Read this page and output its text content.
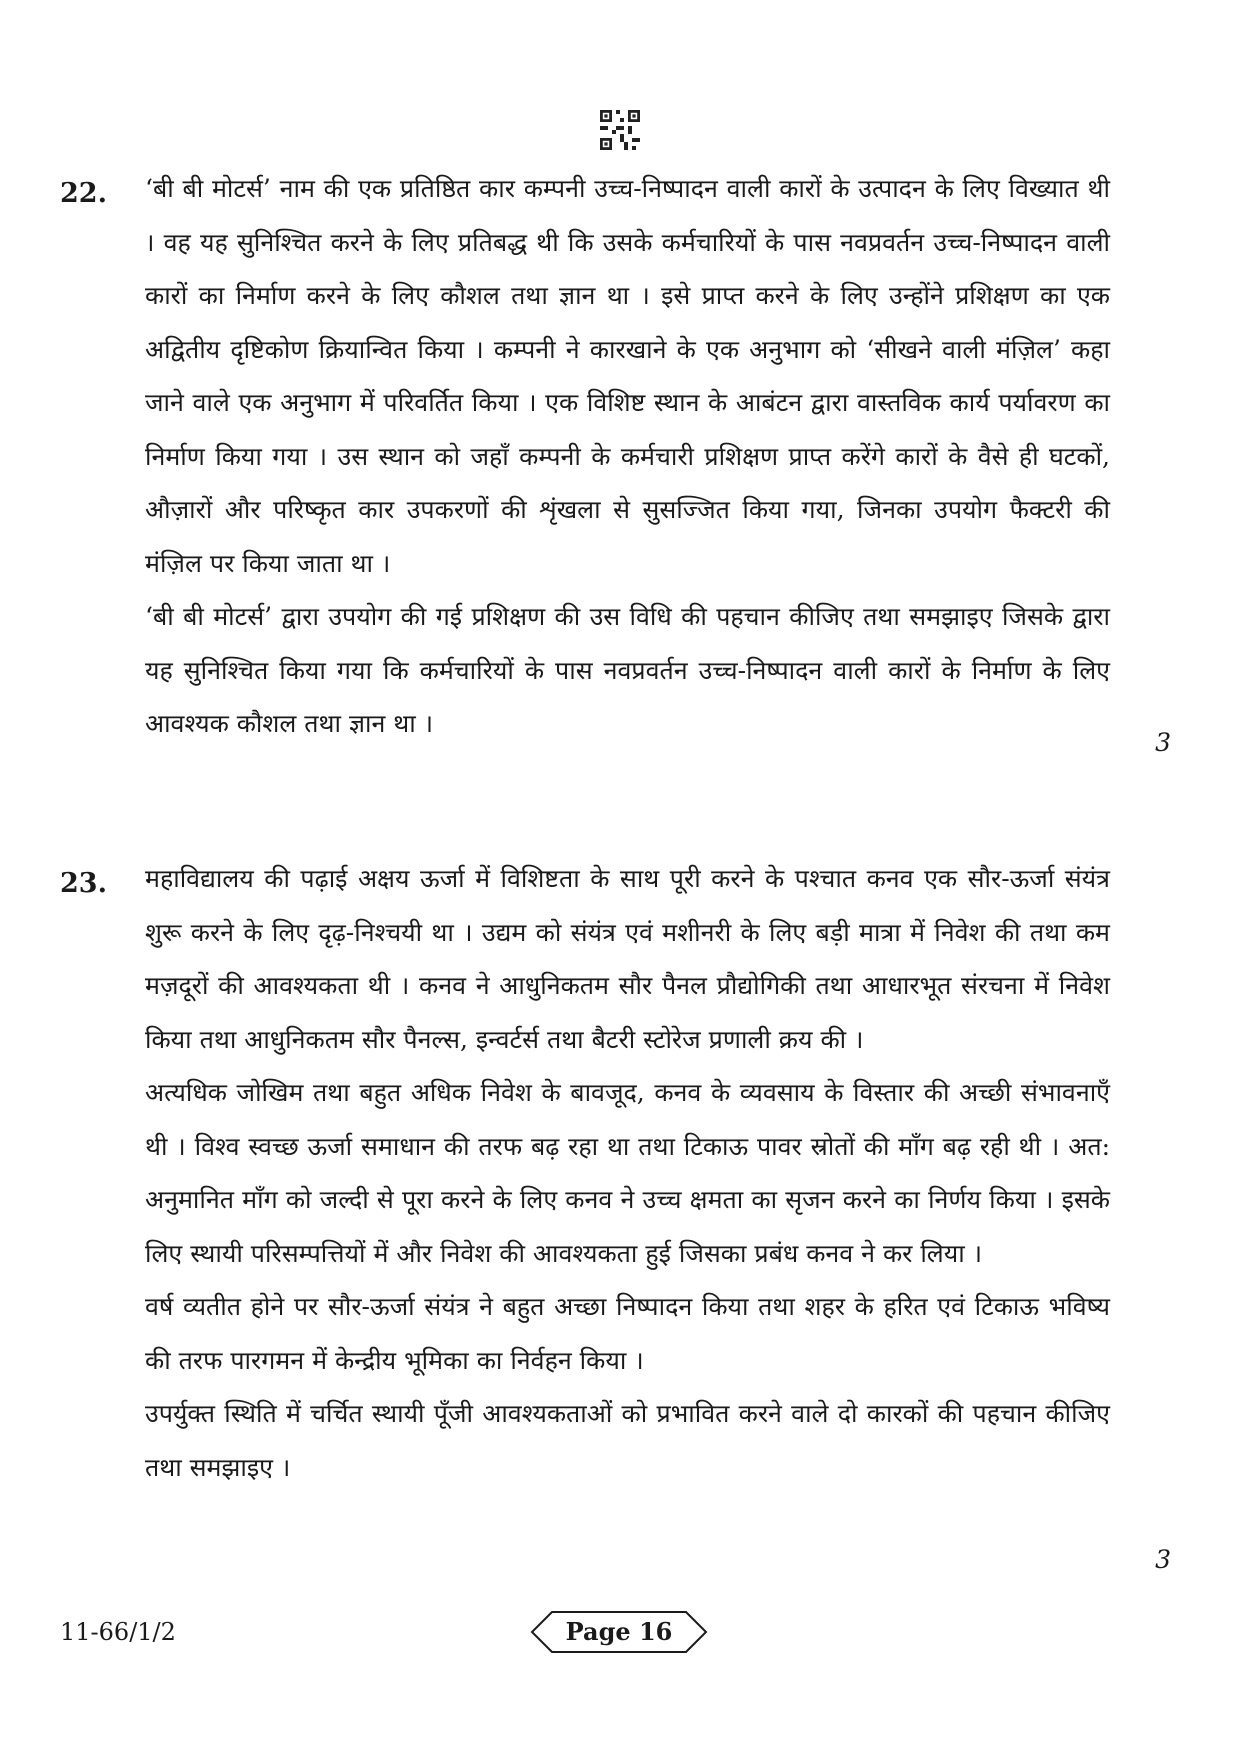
22. ‘बी बी मोटर्स’ नाम की एक प्रतिष्ठित कार कम्पनी उच्च-निष्पादन वाली कारों के उत्पादन के लिए विख्यात थी । वह यह सुनिश्चित करने के लिए प्रतिबद्ध थी कि उसके कर्मचारियों के पास नवप्रवर्तन उच्च-निष्पादन वाली कारों का निर्माण करने के लिए कौशल तथा ज्ञान था । इसे प्राप्त करने के लिए उन्होंने प्रशिक्षण का एक अद्वितीय दृष्टिकोण क्रियान्वित किया । कम्पनी ने कारखाने के एक अनुभाग को ‘सीखने वाली मंज़िल’ कहा जाने वाले एक अनुभाग में परिवर्तित किया । एक विशिष्ट स्थान के आबंटन द्वारा वास्तविक कार्य पर्यावरण का निर्माण किया गया । उस स्थान को जहाँ कम्पनी के कर्मचारी प्रशिक्षण प्राप्त करेंगे कारों के वैसे ही घटकों, औज़ारों और परिष्कृत कार उपकरणों की शृंखला से सुसज्जित किया गया, जिनका उपयोग फैक्टरी की मंज़िल पर किया जाता था ।

‘बी बी मोटर्स’ द्वारा उपयोग की गई प्रशिक्षण की उस विधि की पहचान कीजिए तथा समझाइए जिसके द्वारा यह सुनिश्चित किया गया कि कर्मचारियों के पास नवप्रवर्तन उच्च-निष्पादन वाली कारों के निर्माण के लिए आवश्यक कौशल तथा ज्ञान था ।

3
23. महाविद्यालय की पढ़ाई अक्षय ऊर्जा में विशिष्टता के साथ पूरी करने के पश्चात कनव एक सौर-ऊर्जा संयंत्र शुरू करने के लिए दृढ़-निश्चयी था । उद्यम को संयंत्र एवं मशीनरी के लिए बड़ी मात्रा में निवेश की तथा कम मज़दूरों की आवश्यकता थी । कनव ने आधुनिकतम सौर पैनल प्रौद्योगिकी तथा आधारभूत संरचना में निवेश किया तथा आधुनिकतम सौर पैनल्स, इन्वर्टर्स तथा बैटरी स्टोरेज प्रणाली क्रय की ।

अत्यधिक जोखिम तथा बहुत अधिक निवेश के बावजूद, कनव के व्यवसाय के विस्तार की अच्छी संभावनाएँ थी । विश्व स्वच्छ ऊर्जा समाधान की तरफ बढ़ रहा था तथा टिकाऊ पावर स्रोतों की माँग बढ़ रही थी । अत: अनुमानित माँग को जल्दी से पूरा करने के लिए कनव ने उच्च क्षमता का सृजन करने का निर्णय किया । इसके लिए स्थायी परिसम्पत्तियों में और निवेश की आवश्यकता हुई जिसका प्रबंध कनव ने कर लिया ।

वर्ष व्यतीत होने पर सौर-ऊर्जा संयंत्र ने बहुत अच्छा निष्पादन किया तथा शहर के हरित एवं टिकाऊ भविष्य की तरफ पारगमन में केन्द्रीय भूमिका का निर्वहन किया ।

उपर्युक्त स्थिति में चर्चित स्थायी पूँजी आवश्यकताओं को प्रभावित करने वाले दो कारकों की पहचान कीजिए तथा समझाइए ।

3
11-66/1/2	Page 16
